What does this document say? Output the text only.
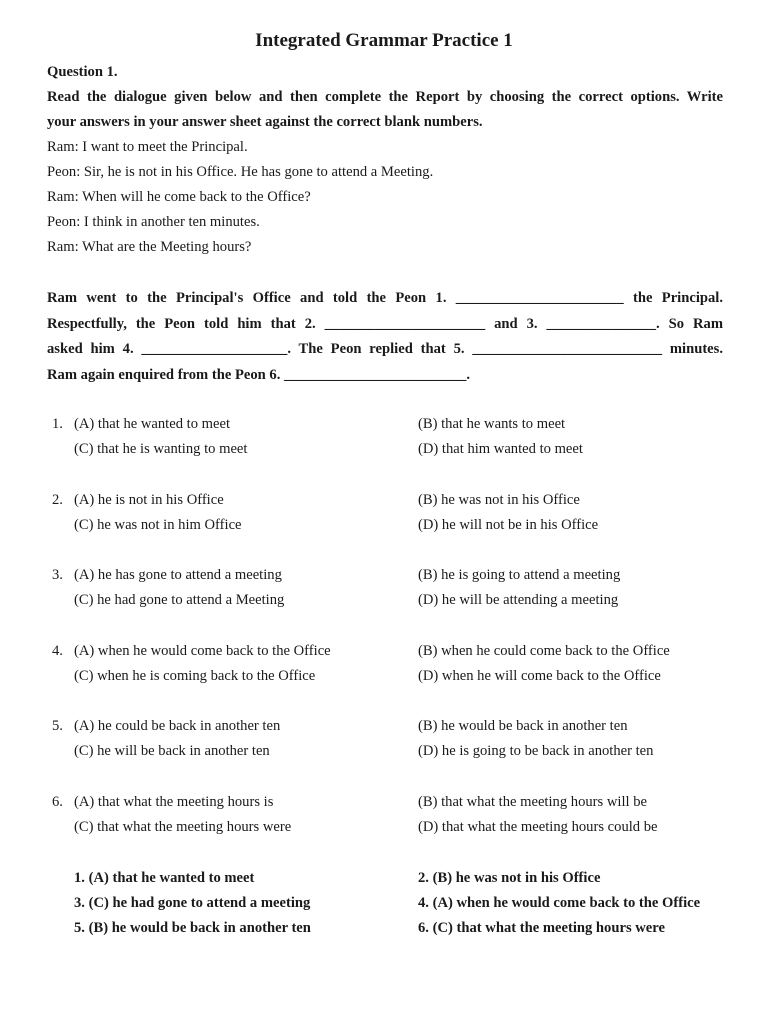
Integrated Grammar Practice 1
Question 1.
Read the dialogue given below and then complete the Report by choosing the correct options. Write
your answers in your answer sheet against the correct blank numbers.
Ram: I want to meet the Principal.
Peon: Sir, he is not in his Office. He has gone to attend a Meeting.
Ram: When will he come back to the Office?
Peon: I think in another ten minutes.
Ram: What are the Meeting hours?
Ram went to the Principal's Office and told the Peon 1. _______________________ the Principal.
Respectfully, the Peon told him that 2. ______________________ and 3. _______________. So Ram
asked him 4. ____________________. The Peon replied that 5. __________________________ minutes.
Ram again enquired from the Peon 6. _________________________.
1. (A) that he wanted to meet	(B) that he wants to meet
(C) that he is wanting to meet	(D) that him wanted to meet
2. (A) he is not in his Office	(B) he was not in his Office
(C) he was not in him Office	(D) he will not be in his Office
3. (A) he has gone to attend a meeting	(B) he is going to attend a meeting
(C) he had gone to attend a Meeting	(D) he will be attending a meeting
4. (A) when he would come back to the Office	(B) when he could come back to the Office
(C) when he is coming back to the Office	(D) when he will come back to the Office
5. (A) he could be back in another ten	(B) he would be back in another ten
(C) he will be back in another ten	(D) he is going to be back in another ten
6. (A) that what the meeting hours is	(B) that what the meeting hours will be
(C) that what the meeting hours were	(D) that what the meeting hours could be
1. (A) that he wanted to meet	2. (B) he was not in his Office
3. (C) he had gone to attend a meeting	4. (A) when he would come back to the Office
5. (B) he would be back in another ten	6. (C) that what the meeting hours were
